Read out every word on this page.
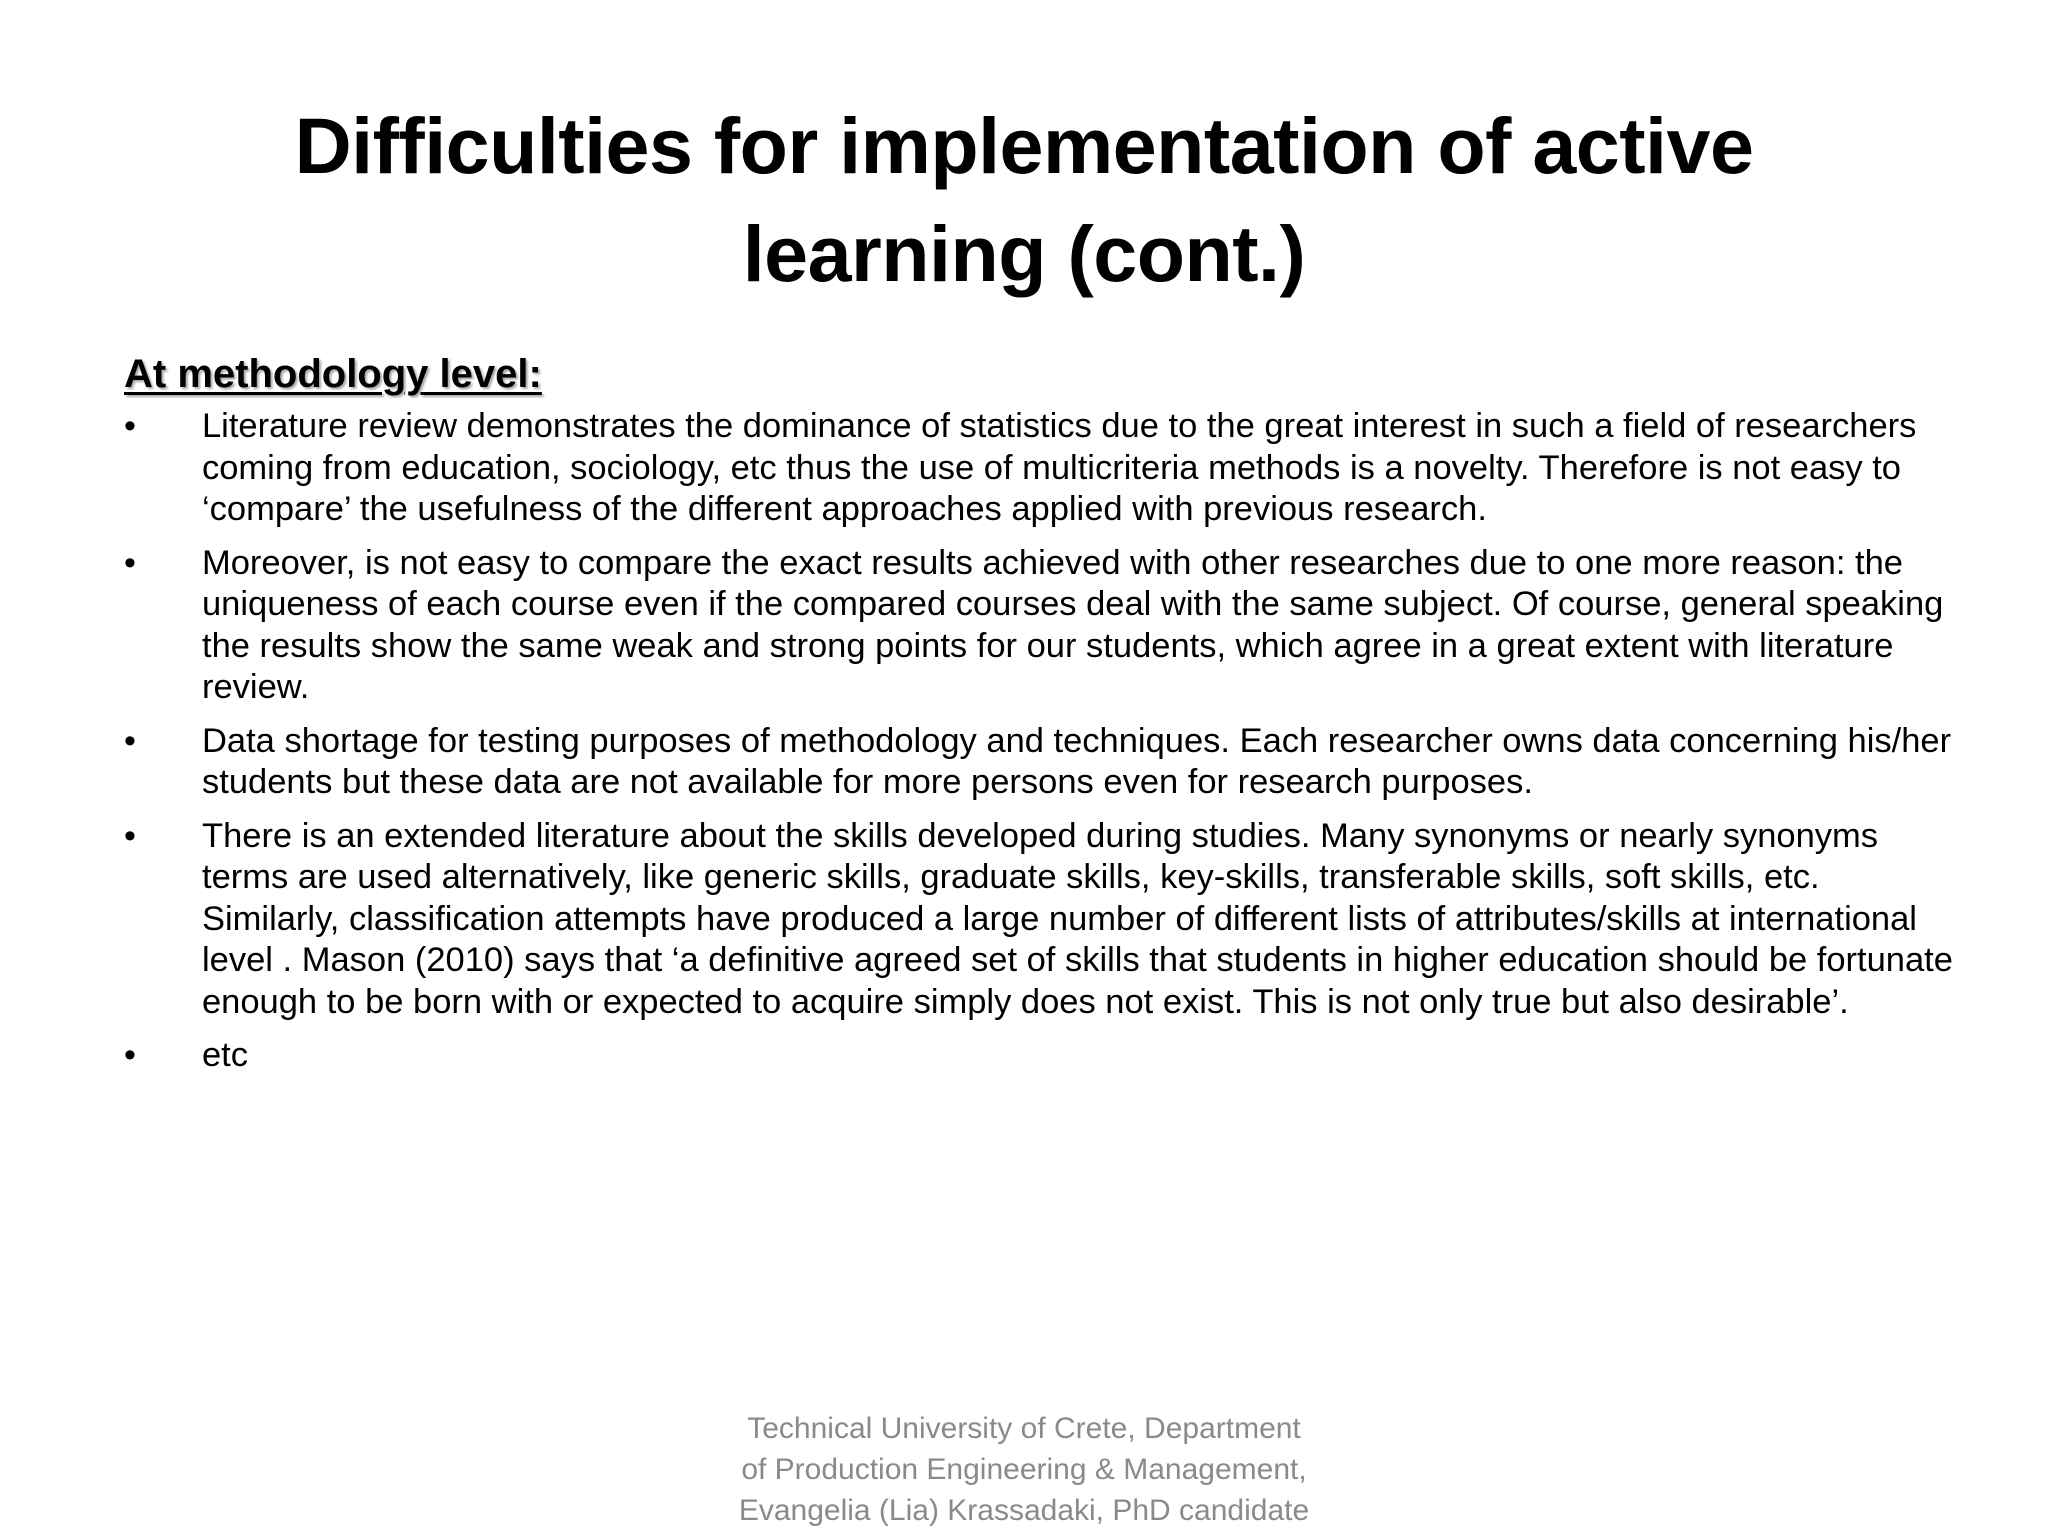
Difficulties for implementation of active
learning (cont.)
At methodology level:
•	Literature review demonstrates the dominance of statistics due to the great interest in such a field of researchers coming from education, sociology, etc thus the use of multicriteria methods is a novelty. Therefore is not easy to ‘compare’ the usefulness of the different approaches applied with previous research.
•	Moreover, is not easy to compare the exact results achieved with other researches due to one more reason: the uniqueness of each course even if the compared courses deal with the same subject. Of course, general speaking the results show the same weak and strong points for our students, which agree in a great extent with literature review.
•	Data shortage for testing purposes of methodology and techniques. Each researcher owns data concerning his/her students but these data are not available for more persons even for research purposes.
•	There is an extended literature about the skills developed during studies. Many synonyms or nearly synonyms terms are used alternatively, like generic skills, graduate skills, key-skills, transferable skills, soft skills, etc. Similarly, classification attempts have produced a large number of different lists of attributes/skills at international level . Mason (2010) says that ‘a definitive agreed set of skills that students in higher education should be fortunate enough to be born with or expected to acquire simply does not exist. This is not only true but also desirable’.
•	etc
Technical University of Crete, Department
of Production Engineering & Management,
Evangelia (Lia) Krassadaki, PhD candidate
